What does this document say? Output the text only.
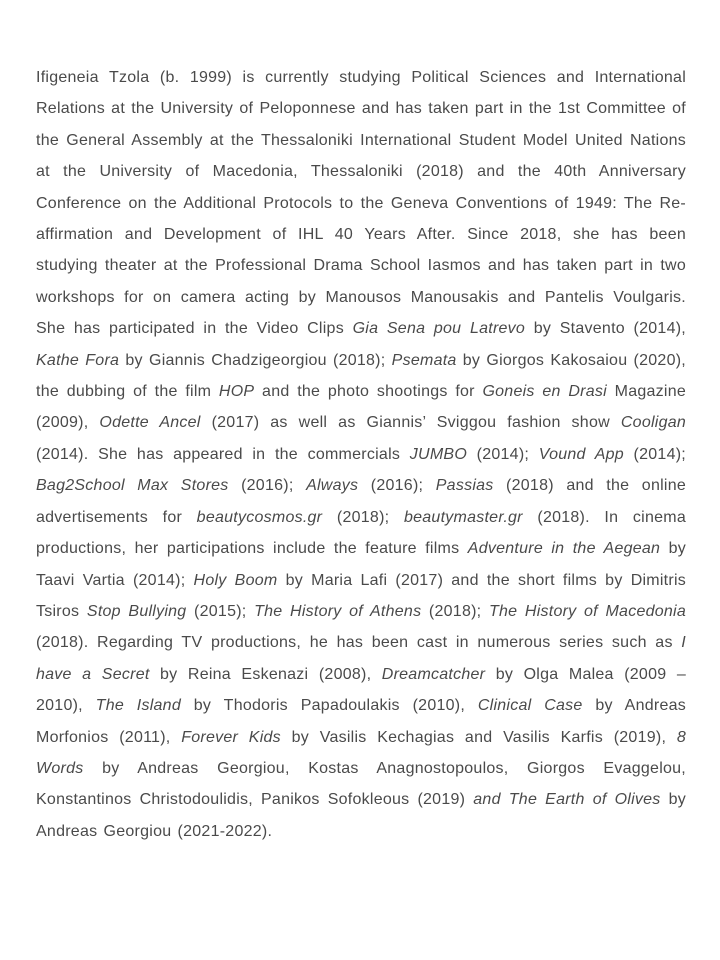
Ifigeneia Tzola (b. 1999) is currently studying Political Sciences and International Relations at the University of Peloponnese and has taken part in the 1st Committee of the General Assembly at the Thessaloniki International Student Model United Nations at the University of Macedonia, Thessaloniki (2018) and the 40th Anniversary Conference on the Additional Protocols to the Geneva Conventions of 1949: The Re-affirmation and Development of IHL 40 Years After. Since 2018, she has been studying theater at the Professional Drama School Iasmos and has taken part in two workshops for on camera acting by Manousos Manousakis and Pantelis Voulgaris. She has participated in the Video Clips Gia Sena pou Latrevo by Stavento (2014), Kathe Fora by Giannis Chadzigeorgiou (2018); Psemata by Giorgos Kakosaiou (2020), the dubbing of the film HOP and the photo shootings for Goneis en Drasi Magazine (2009), Odette Ancel (2017) as well as Giannis’ Sviggou fashion show Cooligan (2014). She has appeared in the commercials JUMBO (2014); Vound App (2014); Bag2School Max Stores (2016); Always (2016); Passias (2018) and the online advertisements for beautycosmos.gr (2018); beautymaster.gr (2018). In cinema productions, her participations include the feature films Adventure in the Aegean by Taavi Vartia (2014); Holy Boom by Maria Lafi (2017) and the short films by Dimitris Tsiros Stop Bullying (2015); The History of Athens (2018); The History of Macedonia (2018). Regarding TV productions, he has been cast in numerous series such as I have a Secret by Reina Eskenazi (2008), Dreamcatcher by Olga Malea (2009 – 2010), The Island by Thodoris Papadoulakis (2010), Clinical Case by Andreas Morfonios (2011), Forever Kids by Vasilis Kechagias and Vasilis Karfis (2019), 8 Words by Andreas Georgiou, Kostas Anagnostopoulos, Giorgos Evaggelou, Konstantinos Christodoulidis, Panikos Sofokleous (2019) and The Earth of Olives by Andreas Georgiou (2021-2022).
